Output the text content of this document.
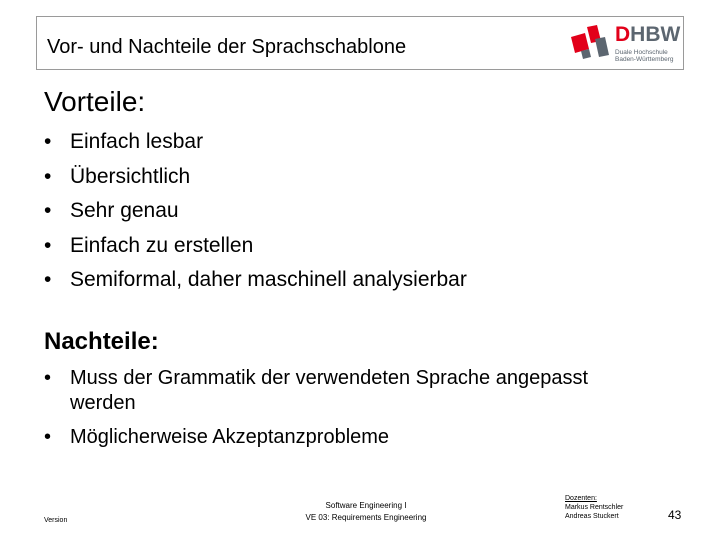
Vor- und Nachteile der Sprachschablone
DHBW
Duale Hochschule
Baden-Württemberg
Vorteile:
• Einfach lesbar
• Übersichtlich
• Sehr genau
• Einfach zu erstellen
• Semiformal, daher maschinell analysierbar
Nachteile:
• Muss der Grammatik der verwendeten Sprache angepasst werden
• Möglicherweise Akzeptanzprobleme
Version
Software Engineering I
VE 03: Requirements Engineering
Dozenten:
Markus Rentschler
Andreas Stuckert	43
